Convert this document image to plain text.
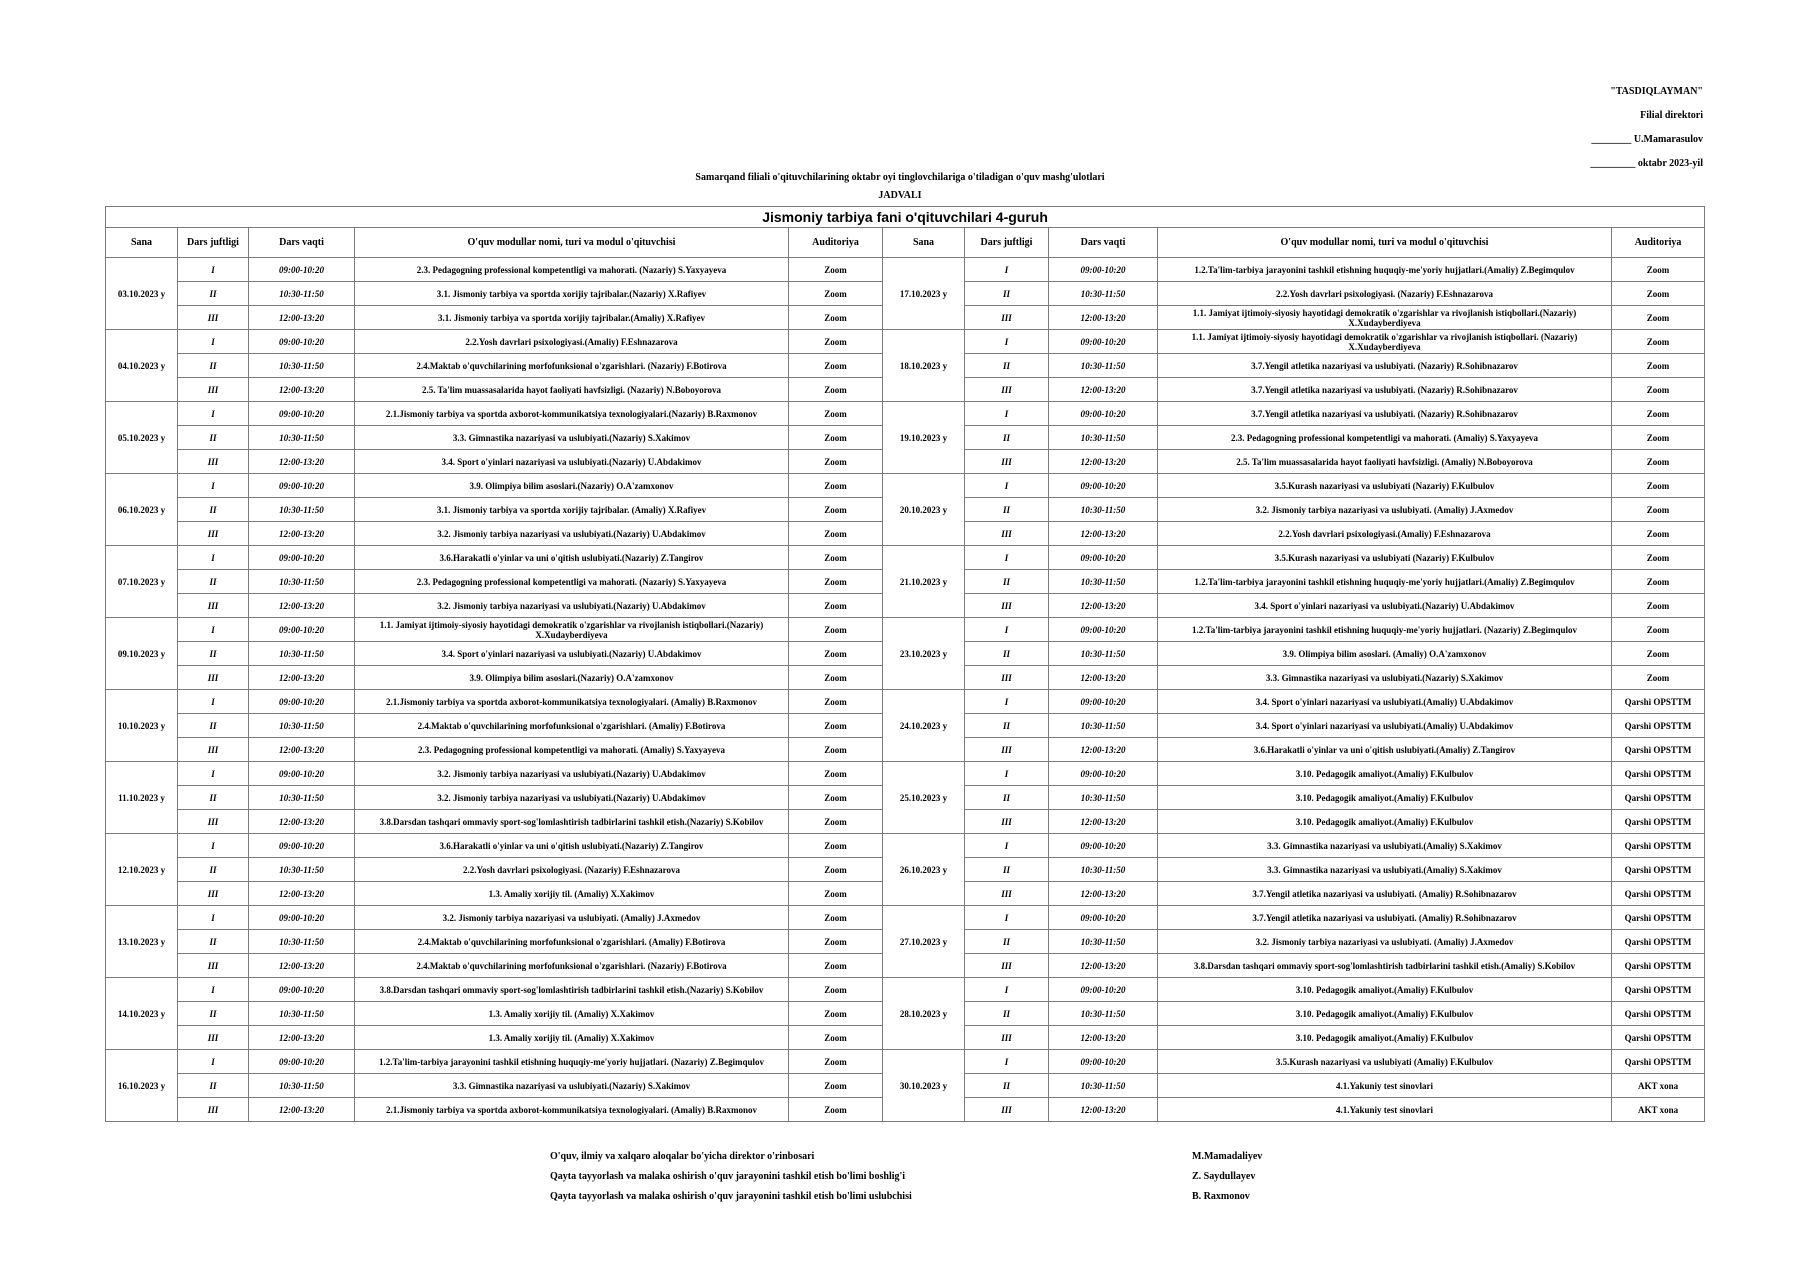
"TASDIQLAYMAN"
Filial direktori
________ U.Mamarasulov
_________ oktabr 2023-yil
Samarqand filiali o'qituvchilarining oktabr oyi tinglovchilariga o'tiladigan o'quv mashg'ulotlari
JADVALI
Jismoniy tarbiya fani o'qituvchilari 4-guruh									
Sana	Dars juftligi	Dars vaqti	O'quv modullar nomi, turi va modul o'qituvchisi	Auditoriya	Sana	Dars juftligi	Dars vaqti	O'quv modullar nomi, turi va modul o'qituvchisi	Auditoriya
03.10.2023 y	I	09:00-10:20	2.3. Pedagogning professional kompetentligi va mahorati. (Nazariy) S.Yaxyayeva	Zoom	17.10.2023 y	I	09:00-10:20	1.2.Ta'lim-tarbiya jarayonini tashkil etishning huquqiy-me'yoriy hujjatlari.(Amaliy) Z.Begimqulov	Zoom
	II	10:30-11:50	3.1. Jismoniy tarbiya va sportda xorijiy tajribalar.(Nazariy) X.Rafiyev	Zoom		II	10:30-11:50	2.2.Yosh davrlari psixologiyasi. (Nazariy) F.Eshnazarova	Zoom
	III	12:00-13:20	3.1. Jismoniy tarbiya va sportda xorijiy tajribalar.(Amaliy) X.Rafiyev	Zoom		III	12:00-13:20	1.1. Jamiyat ijtimoiy-siyosiy hayotidagi demokratik o'zgarishlar va rivojlanish istiqbollari.(Nazariy) X.Xudayberdiyeva	Zoom
04.10.2023 y	I	09:00-10:20	2.2.Yosh davrlari psixologiyasi.(Amaliy) F.Eshnazarova	Zoom	18.10.2023 y	I	09:00-10:20	1.1. Jamiyat ijtimoiy-siyosiy hayotidagi demokratik o'zgarishlar va rivojlanish istiqbollari. (Nazariy) X.Xudayberdiyeva	Zoom
	II	10:30-11:50	2.4.Maktab o'quvchilarining morfofunksional o'zgarishlari. (Nazariy) F.Botirova	Zoom		II	10:30-11:50	3.7.Yengil atletika nazariyasi va uslubiyati. (Nazariy) R.Sohibnazarov	Zoom
	III	12:00-13:20	2.5. Ta'lim muassasalarida hayot faoliyati havfsizligi. (Nazariy) N.Boboyorova	Zoom		III	12:00-13:20	3.7.Yengil atletika nazariyasi va uslubiyati. (Nazariy) R.Sohibnazarov	Zoom
05.10.2023 y	I	09:00-10:20	2.1.Jismoniy tarbiya va sportda axborot-kommunikatsiya texnologiyalari.(Nazariy) B.Raxmonov	Zoom	19.10.2023 y	I	09:00-10:20	3.7.Yengil atletika nazariyasi va uslubiyati. (Nazariy) R.Sohibnazarov	Zoom
	II	10:30-11:50	3.3. Gimnastika nazariyasi va uslubiyati.(Nazariy) S.Xakimov	Zoom		II	10:30-11:50	2.3. Pedagogning professional kompetentligi va mahorati. (Amaliy) S.Yaxyayeva	Zoom
	III	12:00-13:20	3.4. Sport o'yinlari nazariyasi va uslubiyati.(Nazariy) U.Abdakimov	Zoom		III	12:00-13:20	2.5. Ta'lim muassasalarida hayot faoliyati havfsizligi. (Amaliy) N.Boboyorova	Zoom
06.10.2023 y	I	09:00-10:20	3.9. Olimpiya bilim asoslari.(Nazariy) O.A'zamxonov	Zoom	20.10.2023 y	I	09:00-10:20	3.5.Kurash nazariyasi va uslubiyati (Nazariy) F.Kulbulov	Zoom
	II	10:30-11:50	3.1. Jismoniy tarbiya va sportda xorijiy tajribalar. (Amaliy) X.Rafiyev	Zoom		II	10:30-11:50	3.2. Jismoniy tarbiya nazariyasi va uslubiyati. (Amaliy) J.Axmedov	Zoom
	III	12:00-13:20	3.2. Jismoniy tarbiya nazariyasi va uslubiyati.(Nazariy) U.Abdakimov	Zoom		III	12:00-13:20	2.2.Yosh davrlari psixologiyasi.(Amaliy) F.Eshnazarova	Zoom
07.10.2023 y	I	09:00-10:20	3.6.Harakatli o'yinlar va uni o'qitish uslubiyati.(Nazariy) Z.Tangirov	Zoom	21.10.2023 y	I	09:00-10:20	3.5.Kurash nazariyasi va uslubiyati (Nazariy) F.Kulbulov	Zoom
	II	10:30-11:50	2.3. Pedagogning professional kompetentligi va mahorati. (Nazariy) S.Yaxyayeva	Zoom		II	10:30-11:50	1.2.Ta'lim-tarbiya jarayonini tashkil etishning huquqiy-me'yoriy hujjatlari.(Amaliy) Z.Begimqulov	Zoom
	III	12:00-13:20	3.2. Jismoniy tarbiya nazariyasi va uslubiyati.(Nazariy) U.Abdakimov	Zoom		III	12:00-13:20	3.4. Sport o'yinlari nazariyasi va uslubiyati.(Nazariy) U.Abdakimov	Zoom
09.10.2023 y	I	09:00-10:20	1.1. Jamiyat ijtimoiy-siyosiy hayotidagi demokratik o'zgarishlar va rivojlanish istiqbollari.(Nazariy) X.Xudayberdiyeva	Zoom	23.10.2023 y	I	09:00-10:20	1.2.Ta'lim-tarbiya jarayonini tashkil etishning huquqiy-me'yoriy hujjatlari. (Nazariy) Z.Begimqulov	Zoom
	II	10:30-11:50	3.4. Sport o'yinlari nazariyasi va uslubiyati.(Nazariy) U.Abdakimov	Zoom		II	10:30-11:50	3.9. Olimpiya bilim asoslari. (Amaliy) O.A'zamxonov	Zoom
	III	12:00-13:20	3.9. Olimpiya bilim asoslari.(Nazariy) O.A'zamxonov	Zoom		III	12:00-13:20	3.3. Gimnastika nazariyasi va uslubiyati.(Nazariy) S.Xakimov	Zoom
10.10.2023 y	I	09:00-10:20	2.1.Jismoniy tarbiya va sportda axborot-kommunikatsiya texnologiyalari. (Amaliy) B.Raxmonov	Zoom	24.10.2023 y	I	09:00-10:20	3.4. Sport o'yinlari nazariyasi va uslubiyati.(Amaliy) U.Abdakimov	Qarshi OPSTTM
	II	10:30-11:50	2.4.Maktab o'quvchilarining morfofunksional o'zgarishlari. (Amaliy) F.Botirova	Zoom		II	10:30-11:50	3.4. Sport o'yinlari nazariyasi va uslubiyati.(Amaliy) U.Abdakimov	Qarshi OPSTTM
	III	12:00-13:20	2.3. Pedagogning professional kompetentligi va mahorati. (Amaliy) S.Yaxyayeva	Zoom		III	12:00-13:20	3.6.Harakatli o'yinlar va uni o'qitish uslubiyati.(Amaliy) Z.Tangirov	Qarshi OPSTTM
11.10.2023 y	I	09:00-10:20	3.2. Jismoniy tarbiya nazariyasi va uslubiyati.(Nazariy) U.Abdakimov	Zoom	25.10.2023 y	I	09:00-10:20	3.10. Pedagogik amaliyot.(Amaliy) F.Kulbulov	Qarshi OPSTTM
	II	10:30-11:50	3.2. Jismoniy tarbiya nazariyasi va uslubiyati.(Nazariy) U.Abdakimov	Zoom		II	10:30-11:50	3.10. Pedagogik amaliyot.(Amaliy) F.Kulbulov	Qarshi OPSTTM
	III	12:00-13:20	3.8.Darsdan tashqari ommaviy sport-sog'lomlashtirish tadbirlarini tashkil etish.(Nazariy) S.Kobilov	Zoom		III	12:00-13:20	3.10. Pedagogik amaliyot.(Amaliy) F.Kulbulov	Qarshi OPSTTM
12.10.2023 y	I	09:00-10:20	3.6.Harakatli o'yinlar va uni o'qitish uslubiyati.(Nazariy) Z.Tangirov	Zoom	26.10.2023 y	I	09:00-10:20	3.3. Gimnastika nazariyasi va uslubiyati.(Amaliy) S.Xakimov	Qarshi OPSTTM
	II	10:30-11:50	2.2.Yosh davrlari psixologiyasi. (Nazariy) F.Eshnazarova	Zoom		II	10:30-11:50	3.3. Gimnastika nazariyasi va uslubiyati.(Amaliy) S.Xakimov	Qarshi OPSTTM
	III	12:00-13:20	1.3. Amaliy xorijiy til. (Amaliy) X.Xakimov	Zoom		III	12:00-13:20	3.7.Yengil atletika nazariyasi va uslubiyati. (Amaliy) R.Sohibnazarov	Qarshi OPSTTM
13.10.2023 y	I	09:00-10:20	3.2. Jismoniy tarbiya nazariyasi va uslubiyati. (Amaliy) J.Axmedov	Zoom	27.10.2023 y	I	09:00-10:20	3.7.Yengil atletika nazariyasi va uslubiyati. (Amaliy) R.Sohibnazarov	Qarshi OPSTTM
	II	10:30-11:50	2.4.Maktab o'quvchilarining morfofunksional o'zgarishlari. (Amaliy) F.Botirova	Zoom		II	10:30-11:50	3.2. Jismoniy tarbiya nazariyasi va uslubiyati. (Amaliy) J.Axmedov	Qarshi OPSTTM
	III	12:00-13:20	2.4.Maktab o'quvchilarining morfofunksional o'zgarishlari. (Nazariy) F.Botirova	Zoom		III	12:00-13:20	3.8.Darsdan tashqari ommaviy sport-sog'lomlashtirish tadbirlarini tashkil etish.(Amaliy) S.Kobilov	Qarshi OPSTTM
14.10.2023 y	I	09:00-10:20	3.8.Darsdan tashqari ommaviy sport-sog'lomlashtirish tadbirlarini tashkil etish.(Nazariy) S.Kobilov	Zoom	28.10.2023 y	I	09:00-10:20	3.10. Pedagogik amaliyot.(Amaliy) F.Kulbulov	Qarshi OPSTTM
	II	10:30-11:50	1.3. Amaliy xorijiy til. (Amaliy) X.Xakimov	Zoom		II	10:30-11:50	3.10. Pedagogik amaliyot.(Amaliy) F.Kulbulov	Qarshi OPSTTM
	III	12:00-13:20	1.3. Amaliy xorijiy til. (Amaliy) X.Xakimov	Zoom		III	12:00-13:20	3.10. Pedagogik amaliyot.(Amaliy) F.Kulbulov	Qarshi OPSTTM
16.10.2023 y	I	09:00-10:20	1.2.Ta'lim-tarbiya jarayonini tashkil etishning huquqiy-me'yoriy hujjatlari. (Nazariy) Z.Begimqulov	Zoom	30.10.2023 y	I	09:00-10:20	3.5.Kurash nazariyasi va uslubiyati (Amaliy) F.Kulbulov	Qarshi OPSTTM
	II	10:30-11:50	3.3. Gimnastika nazariyasi va uslubiyati.(Nazariy) S.Xakimov	Zoom		II	10:30-11:50	4.1.Yakuniy test sinovlari	AKT xona
	III	12:00-13:20	2.1.Jismoniy tarbiya va sportda axborot-kommunikatsiya texnologiyalari. (Amaliy) B.Raxmonov	Zoom		III	12:00-13:20	4.1.Yakuniy test sinovlari	AKT xona
O'quv, ilmiy va xalqaro aloqalar bo'yicha direktor o'rinbosari
Qayta tayyorlash va malaka oshirish o'quv jarayonini tashkil etish bo'limi boshlig'i
Qayta tayyorlash va malaka oshirish o'quv jarayonini tashkil etish bo'limi uslubchisi
M.Mamadaliyev
Z. Saydullayev
B. Raxmonov
